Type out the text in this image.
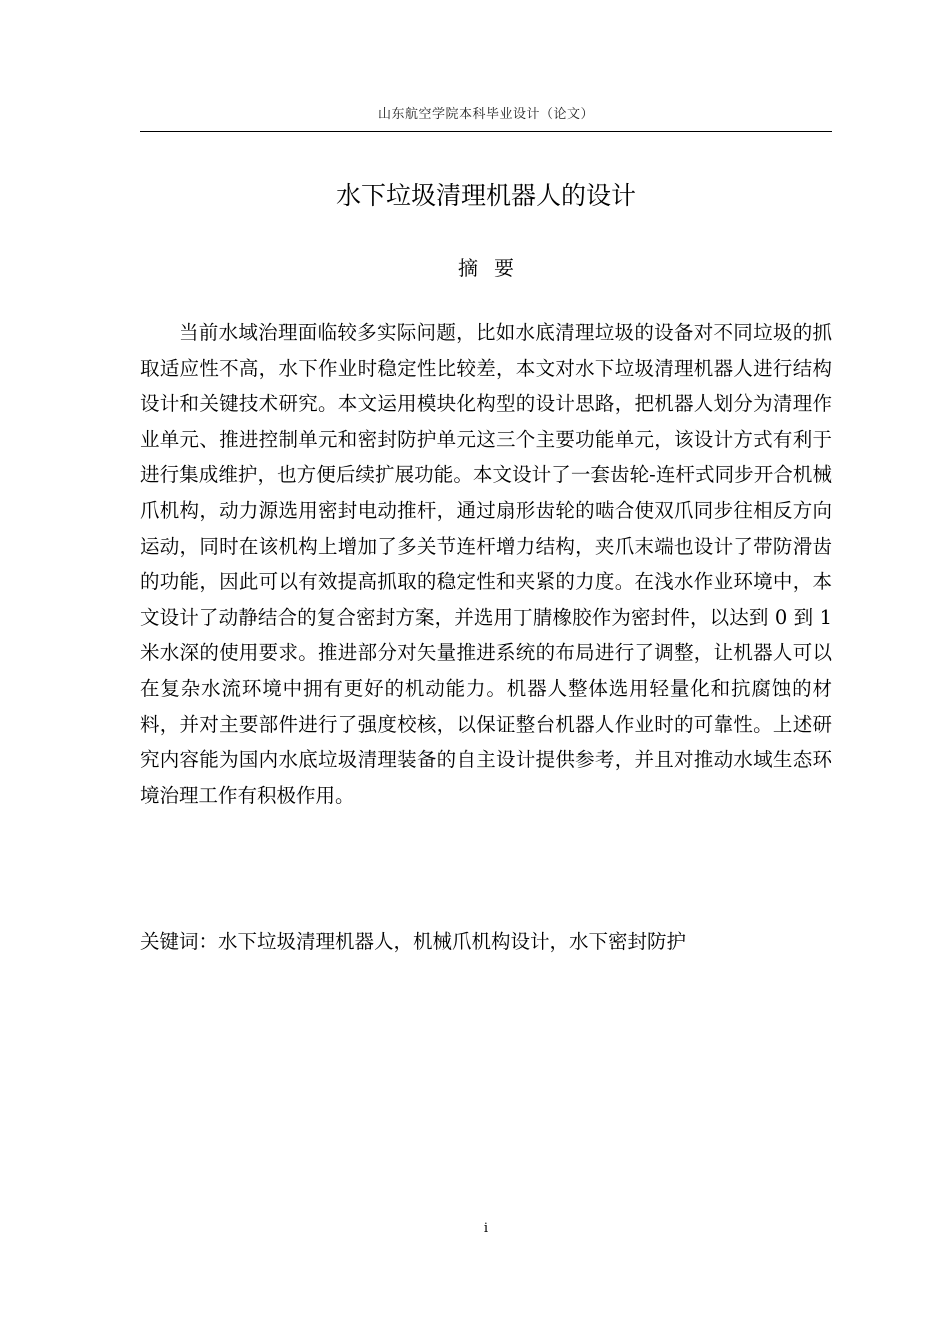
山东航空学院本科毕业设计（论文）
水下垃圾清理机器人的设计
摘要

当前水域治理面临较多实际问题，比如水底清理垃圾的设备对不同垃圾的抓取适应性不高，水下作业时稳定性比较差，本文对水下垃圾清理机器人进行结构设计和关键技术研究。本文运用模块化构型的设计思路，把机器人划分为清理作业单元、推进控制单元和密封防护单元这三个主要功能单元，该设计方式有利于进行集成维护，也方便后续扩展功能。本文设计了一套齿轮-连杆式同步开合机械爪机构，动力源选用密封电动推杆，通过扇形齿轮的啮合使双爪同步往相反方向运动，同时在该机构上增加了多关节连杆增力结构，夹爪末端也设计了带防滑齿的功能，因此可以有效提高抓取的稳定性和夹紧的力度。在浅水作业环境中，本文设计了动静结合的复合密封方案，并选用丁腈橡胶作为密封件，以达到 0 到 1 米水深的使用要求。推进部分对矢量推进系统的布局进行了调整，让机器人可以在复杂水流环境中拥有更好的机动能力。机器人整体选用轻量化和抗腐蚀的材料，并对主要部件进行了强度校核，以保证整台机器人作业时的可靠性。上述研究内容能为国内水底垃圾清理装备的自主设计提供参考，并且对推动水域生态环境治理工作有积极作用。

关键词：水下垃圾清理机器人，机械爪机构设计，水下密封防护
i
